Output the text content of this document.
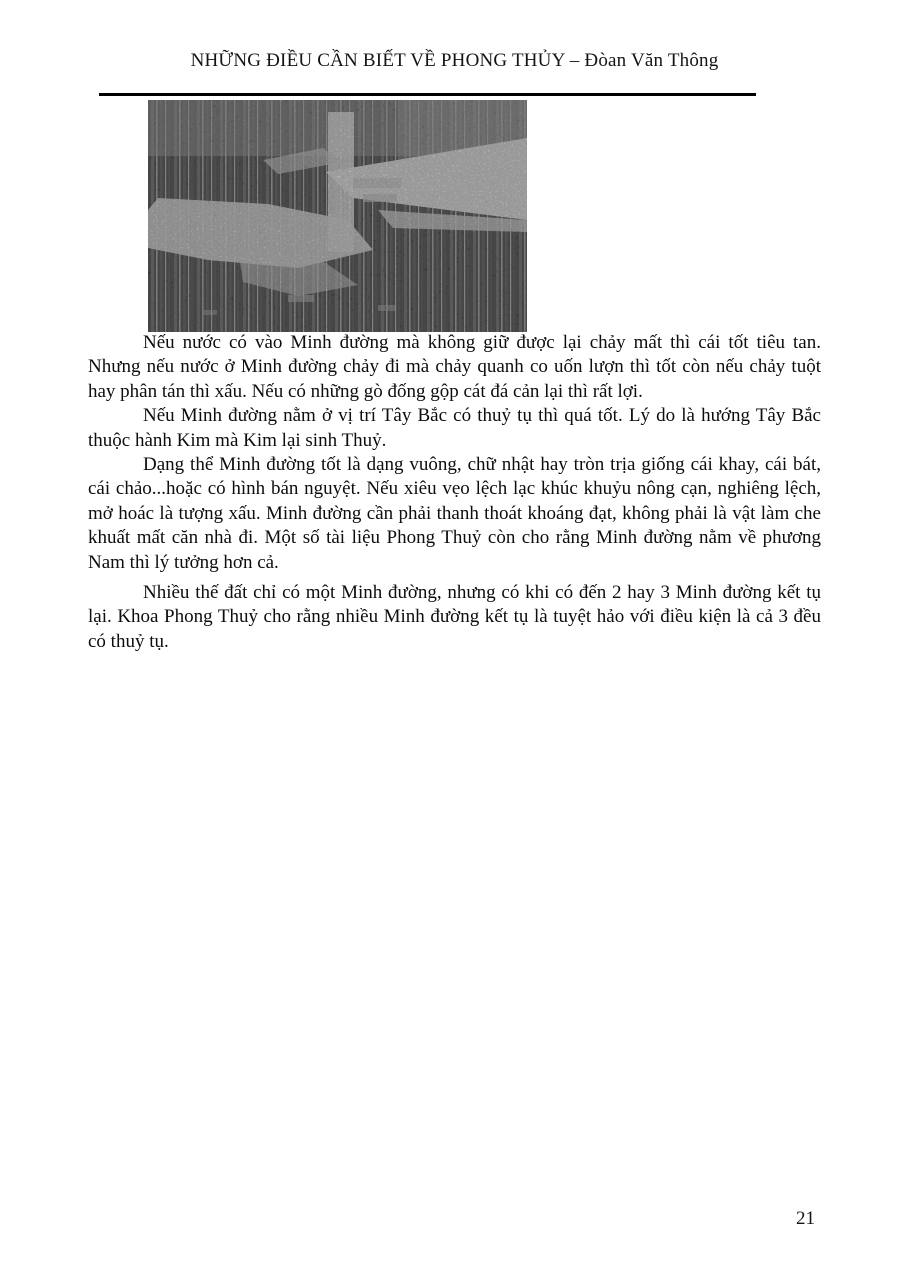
NHỮNG ĐIỀU CẦN BIẾT VỀ PHONG THỦY – Đòan Văn Thông

Nếu nước có vào Minh đường mà không giữ được lại chảy mất thì cái tốt tiêu tan. Nhưng nếu nước ở Minh đường chảy đi mà chảy quanh co uốn lượn thì tốt còn nếu chảy tuột hay phân tán thì xấu. Nếu có những gò đống gộp cát đá cản lại thì rất lợi.

Nếu Minh đường nằm ở vị trí Tây Bắc có thuỷ tụ thì quá tốt. Lý do là hướng Tây Bắc thuộc hành Kim mà Kim lại sinh Thuỷ.

Dạng thể Minh đường tốt là dạng vuông, chữ nhật hay tròn trịa giống cái khay, cái bát, cái chảo...hoặc có hình bán nguyệt. Nếu xiêu vẹo lệch lạc khúc khuỷu nông cạn, nghiêng lệch, mở hoác là tượng xấu. Minh đường cần phải thanh thoát khoáng đạt, không phải là vật làm che khuất mất căn nhà đi. Một số tài liệu Phong Thuỷ còn cho rằng Minh đường nằm về phương Nam thì lý tưởng hơn cả.

Nhiều thế đất chỉ có một Minh đường, nhưng có khi có đến 2 hay 3 Minh đường kết tụ lại. Khoa Phong Thuỷ cho rằng nhiều Minh đường kết tụ là tuyệt hảo với điều kiện là cả 3 đều có thuỷ tụ.

21
